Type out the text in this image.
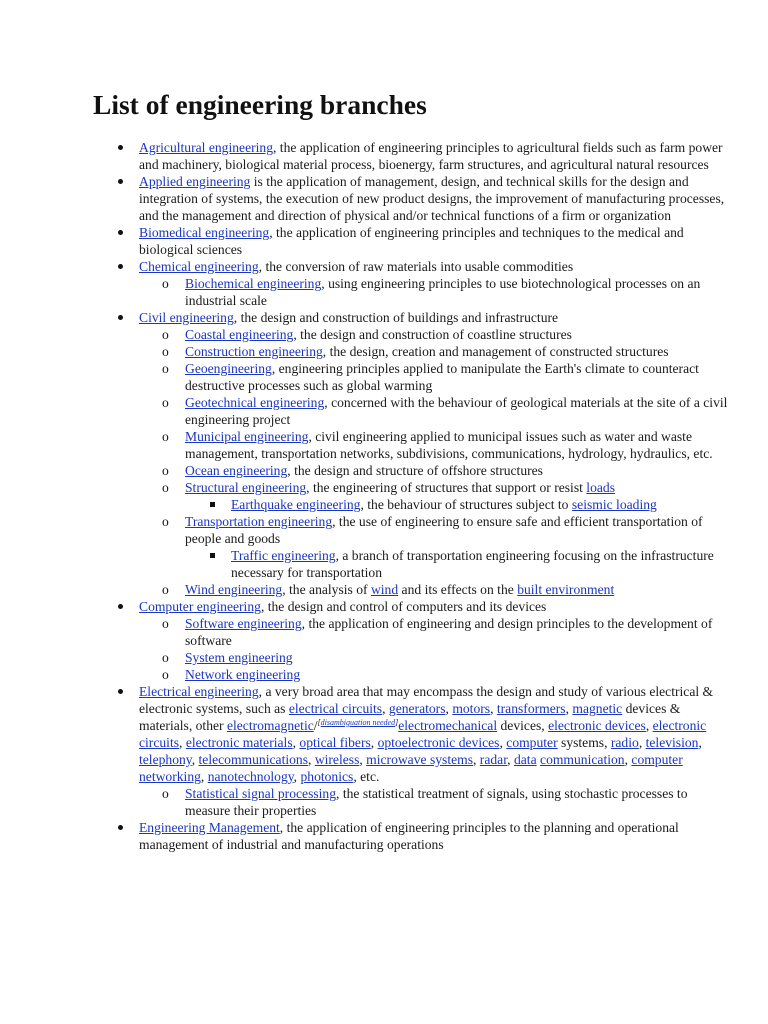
List of engineering branches
Agricultural engineering, the application of engineering principles to agricultural fields such as farm power and machinery, biological material process, bioenergy, farm structures, and agricultural natural resources
Applied engineering is the application of management, design, and technical skills for the design and integration of systems, the execution of new product designs, the improvement of manufacturing processes, and the management and direction of physical and/or technical functions of a firm or organization
Biomedical engineering, the application of engineering principles and techniques to the medical and biological sciences
Chemical engineering, the conversion of raw materials into usable commodities
o Biochemical engineering, using engineering principles to use biotechnological processes on an industrial scale
Civil engineering, the design and construction of buildings and infrastructure
o Coastal engineering, the design and construction of coastline structures
o Construction engineering, the design, creation and management of constructed structures
o Geoengineering, engineering principles applied to manipulate the Earth's climate to counteract destructive processes such as global warming
o Geotechnical engineering, concerned with the behaviour of geological materials at the site of a civil engineering project
o Municipal engineering, civil engineering applied to municipal issues such as water and waste management, transportation networks, subdivisions, communications, hydrology, hydraulics, etc.
o Ocean engineering, the design and structure of offshore structures
o Structural engineering, the engineering of structures that support or resist loads
Earthquake engineering, the behaviour of structures subject to seismic loading
o Transportation engineering, the use of engineering to ensure safe and efficient transportation of people and goods
Traffic engineering, a branch of transportation engineering focusing on the infrastructure necessary for transportation
o Wind engineering, the analysis of wind and its effects on the built environment
Computer engineering, the design and control of computers and its devices
o Software engineering, the application of engineering and design principles to the development of software
o System engineering
o Network engineering
Electrical engineering, a very broad area that may encompass the design and study of various electrical & electronic systems, such as electrical circuits, generators, motors, transformers, magnetic devices & materials, other electromagnetic/[disambiguation needed]electromechanical devices, electronic devices, electronic circuits, electronic materials, optical fibers, optoelectronic devices, computer systems, radio, television, telephony, telecommunications, wireless, microwave systems, radar, data communication, computer networking, nanotechnology, photonics, etc.
o Statistical signal processing, the statistical treatment of signals, using stochastic processes to measure their properties
Engineering Management, the application of engineering principles to the planning and operational management of industrial and manufacturing operations
